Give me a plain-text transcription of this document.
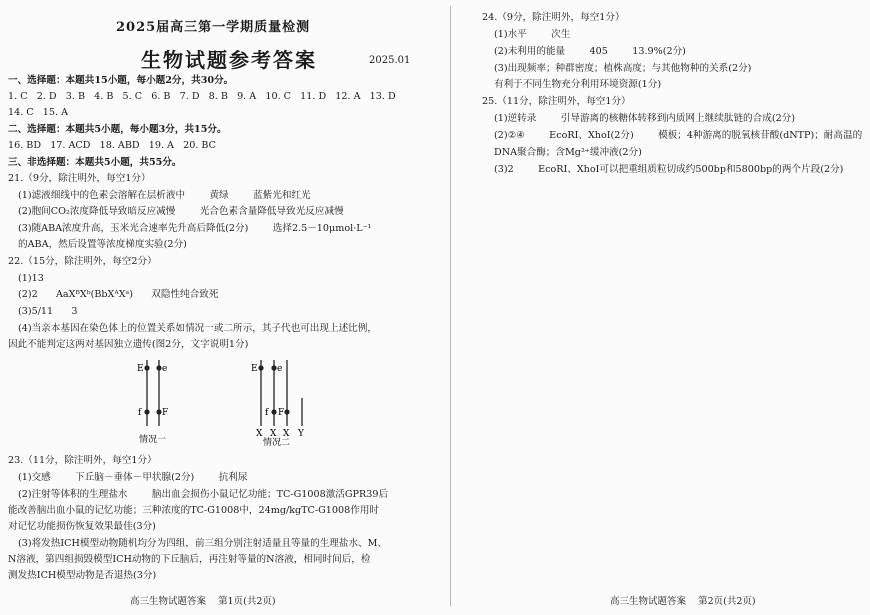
2025届高三第一学期质量检测
生物试题参考答案	2025.01
一、选择题：本题共15小题，每小题2分，共30分。
1. C   2. D   3. B   4. B   5. C   6. B   7. D   8. B   9. A   10. C   11. D   12. A   13. D
14. C   15. A
二、选择题：本题共5小题，每小题3分，共15分。
16. BD   17. ACD   18. ABD   19. A   20. BC
三、非选择题：本题共5小题，共55分。
21.（9分，除注明外，每空1分）
(1)滤液细线中的色素会溶解在层析液中        黄绿        蓝紫光和红光
(2)胞间CO₂浓度降低导致暗反应减慢        光合色素含量降低导致光反应减慢
(3)随ABA浓度升高，玉米光合速率先升高后降低(2分)        选择2.5－10μmol·L⁻¹
的ABA，然后设置等浓度梯度实验(2分)
22.（15分，除注明外，每空2分）
(1)13
(2)2      AaXᴮXᵇ(BbXᴬXᵃ)      双隐性纯合致死
(3)5/11      3
(4)当亲本基因在染色体上的位置关系如情况一或二所示，其子代也可出现上述比例，
因此不能判定这两对基因独立遗传(图2分，文字说明1分)
E e
f F
情况一
E e
f F
X X X Y
情况二
23.（11分，除注明外，每空1分）
(1)交感        下丘脑－垂体－甲状腺(2分)        抗利尿
(2)注射等体积的生理盐水        脑出血会损伤小鼠记忆功能；TC-G1008激活GPR39后
能改善脑出血小鼠的记忆功能；三种浓度的TC-G1008中，24mg/kgTC-G1008作用时
对记忆功能损伤恢复效果最佳(3分)
(3)将发热ICH模型动物随机均分为四组，前三组分别注射适量且等量的生理盐水、M、
N溶液，第四组损毁模型ICH动物的下丘脑后，再注射等量的N溶液，相同时间后，检
测发热ICH模型动物是否退热(3分)
高三生物试题答案    第1页(共2页)
24.（9分，除注明外，每空1分）
(1)水平        次生
(2)未利用的能量        405        13.9%(2分)
(3)出现频率；种群密度；植株高度；与其他物种的关系(2分)
有利于不同生物充分利用环境资源(1分)
25.（11分，除注明外，每空1分）
(1)逆转录        引导游离的核糖体转移到内质网上继续肽链的合成(2分)
(2)②④        EcoRⅠ、XhoⅠ(2分)        模板；4种游离的脱氧核苷酸(dNTP)；耐高温的
DNA聚合酶；含Mg²⁺缓冲液(2分)
(3)2        EcoRⅠ、XhoⅠ可以把重组质粒切成约500bp和5800bp的两个片段(2分)
高三生物试题答案    第2页(共2页)
